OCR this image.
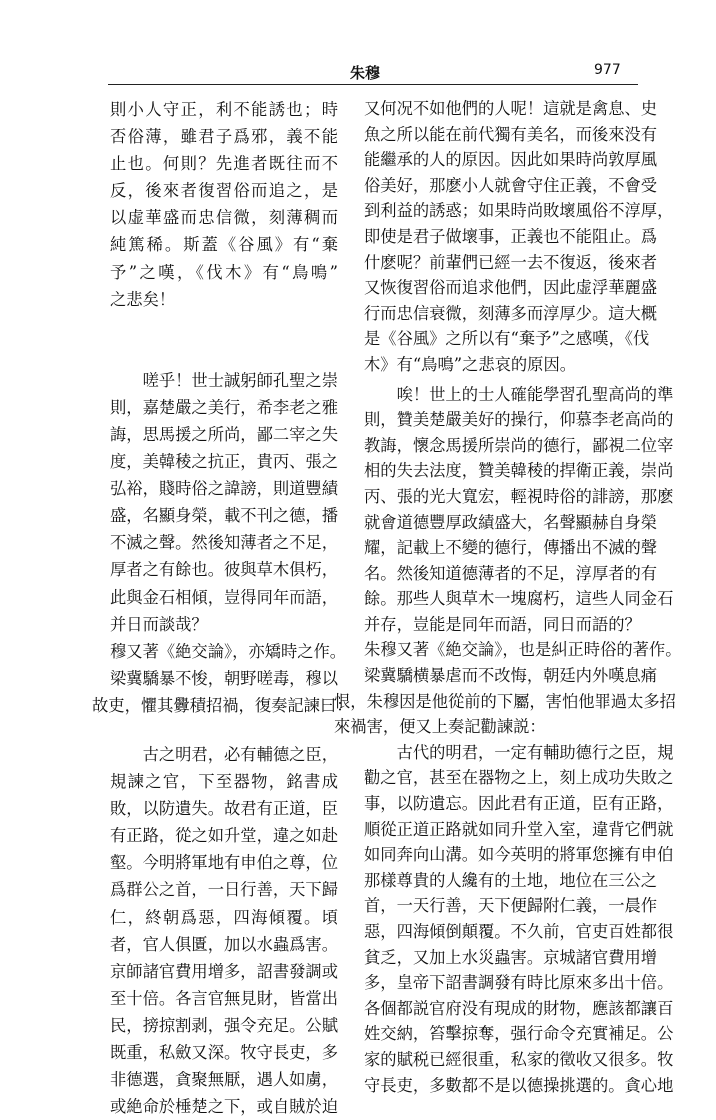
朱穆	977
則小人守正，利不能誘也；時
否俗薄，雖君子爲邪，義不能
止也。何則？先進者既往而不
反，後來者復習俗而追之，是
以虚華盛而忠信微，刻薄稠而
純篤稀。斯蓋《谷風》有“棄
予”之嘆，《伐木》有“鳥鳴”
之悲矣！
　　嗟乎！世士誠躬師孔聖之崇
則，嘉楚嚴之美行，希李老之雅
誨，思馬援之所尚，鄙二宰之失
度，美韓稜之抗正，貴丙、張之
弘裕，賤時俗之諱謗，則道豐績
盛，名顯身榮，載不刊之德，播
不滅之聲。然後知薄者之不足，
厚者之有餘也。彼與草木俱朽，
此與金石相傾，豈得同年而語，
并日而談哉？
穆又著《絶交論》，亦矯時之作。
梁冀驕暴不悛，朝野嗟毒，穆以
故吏，懼其釁積招禍，復奏記諫曰：
　　古之明君，必有輔德之臣，
規諫之官，下至器物，銘書成
敗，以防遺失。故君有正道，臣
有正路，從之如升堂，違之如赴
壑。今明將軍地有申伯之尊，位
爲群公之首，一日行善，天下歸
仁，終朝爲惡，四海傾覆。頃
者，官人俱匱，加以水蟲爲害。
京師諸官費用增多，詔書發調或
至十倍。各言官無見財，皆當出
民，搒掠割剥，强令充足。公賦
既重，私斂又深。牧守長吏，多
非德選，貪聚無厭，遇人如虜，
或絶命於棰楚之下，或自賊於迫
又何况不如他們的人呢！這就是禽息、史
魚之所以能在前代獨有美名，而後來没有
能繼承的人的原因。因此如果時尚敦厚風
俗美好，那麽小人就會守住正義，不會受
到利益的誘惑；如果時尚敗壞風俗不淳厚，
即使是君子做壞事，正義也不能阻止。爲
什麽呢？前輩們已經一去不復返，後來者
又恢復習俗而追求他們，因此虚浮華麗盛
行而忠信衰微，刻薄多而淳厚少。這大概
是《谷風》之所以有“棄予”之感嘆，《伐
木》有“鳥鳴”之悲哀的原因。
　　唉！世上的士人確能學習孔聖高尚的準
則，贊美楚嚴美好的操行，仰慕李老高尚的
教誨，懷念馬援所崇尚的德行，鄙視二位宰
相的失去法度，贊美韓稜的捍衛正義，崇尚
丙、張的光大寬宏，輕視時俗的誹謗，那麽
就會道德豐厚政績盛大，名聲顯赫自身榮
耀，記載上不變的德行，傳播出不滅的聲
名。然後知道德薄者的不足，淳厚者的有
餘。那些人與草木一塊腐朽，這些人同金石
并存，豈能是同年而語，同日而語的？
朱穆又著《絶交論》，也是糾正時俗的著作。
梁冀驕横暴虐而不改悔，朝廷内外嘆息痛
恨，朱穆因是他從前的下屬，害怕他罪過太多招
來禍害，便又上奏記勸諫説：
　　古代的明君，一定有輔助德行之臣，規
勸之官，甚至在器物之上，刻上成功失敗之
事，以防遺忘。因此君有正道，臣有正路，
順從正道正路就如同升堂入室，違背它們就
如同奔向山溝。如今英明的將軍您擁有申伯
那樣尊貴的人纔有的土地，地位在三公之
首，一天行善，天下便歸附仁義，一晨作
惡，四海傾倒顛覆。不久前，官吏百姓都很
貧乏，又加上水災蟲害。京城諸官費用增
多，皇帝下詔書調發有時比原來多出十倍。
各個都説官府没有現成的財物，應該都讓百
姓交納，笞擊掠奪，强行命令充實補足。公
家的賦税已經很重，私家的徵收又很多。牧
守長吏，多數都不是以德操挑選的。貪心地
